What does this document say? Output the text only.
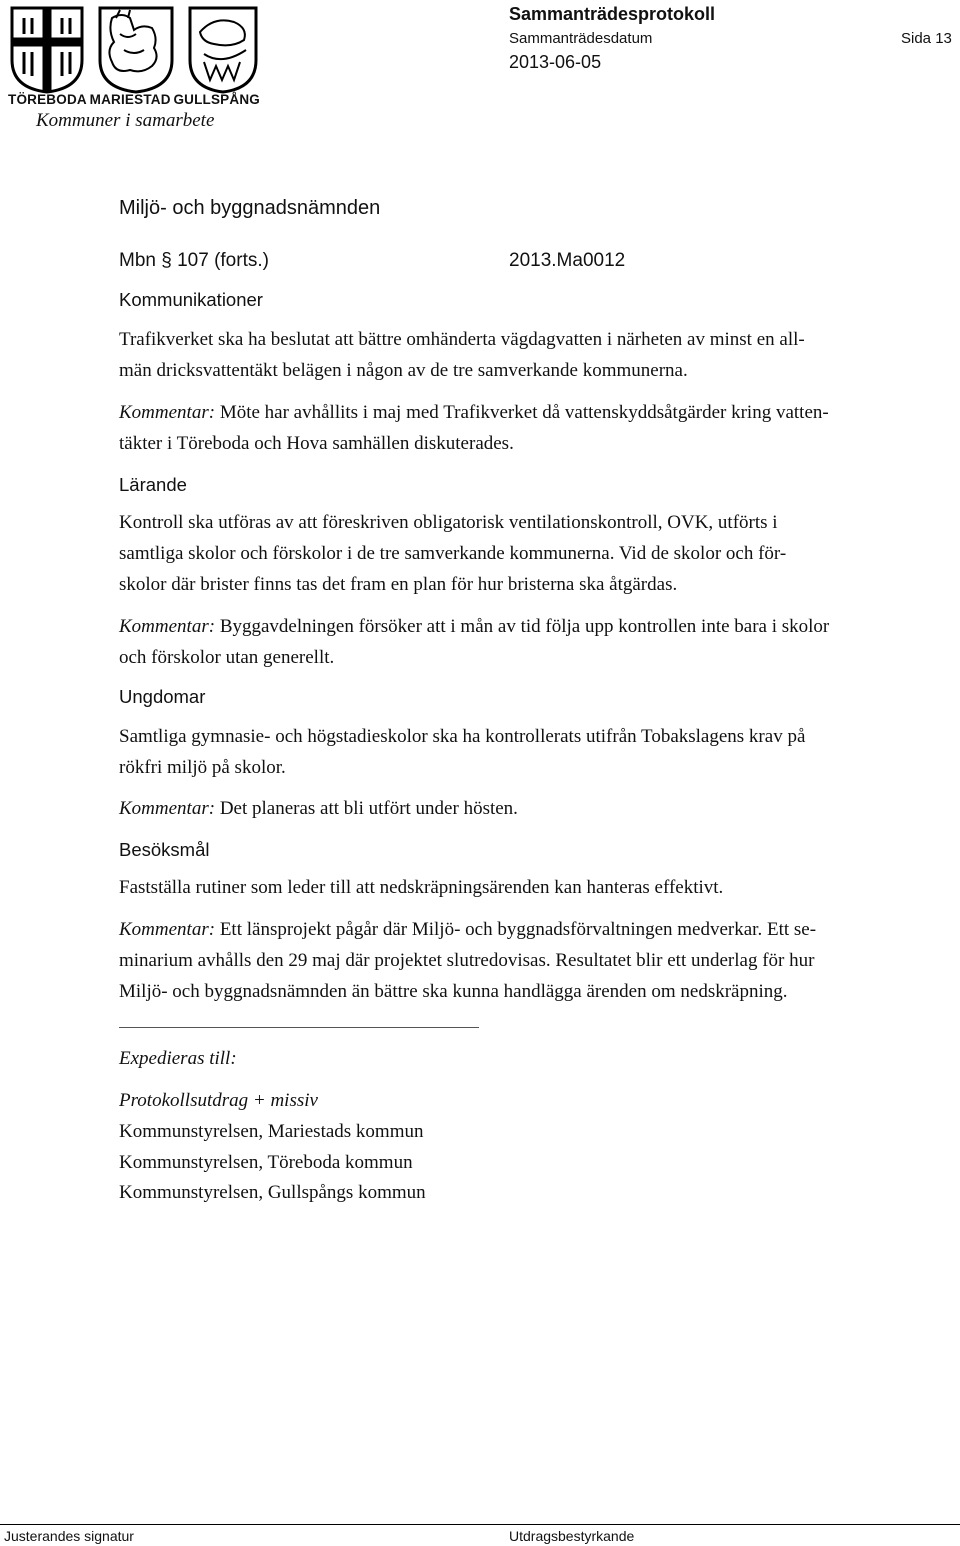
TÖREBODA MARIESTAD GULLSPÅNG
Kommuner i samarbete
Sammanträdesprotokoll
Sammanträdesdatum	Sida 13
2013-06-05
Miljö- och byggnadsnämnden
Mbn § 107 (forts.)	2013.Ma0012
Kommunikationer
Trafikverket ska ha beslutat att bättre omhänderta vägdagvatten i närheten av minst en all-
män dricksvattentäkt belägen i någon av de tre samverkande kommunerna.
Kommentar: Möte har avhållits i maj med Trafikverket då vattenskyddsåtgärder kring vatten-
täkter i Töreboda och Hova samhällen diskuterades.
Lärande
Kontroll ska utföras av att föreskriven obligatorisk ventilationskontroll, OVK, utförts i
samtliga skolor och förskolor i de tre samverkande kommunerna. Vid de skolor och för-
skolor där brister finns tas det fram en plan för hur bristerna ska åtgärdas.
Kommentar: Byggavdelningen försöker att i mån av tid följa upp kontrollen inte bara i skolor
och förskolor utan generellt.
Ungdomar
Samtliga gymnasie- och högstadieskolor ska ha kontrollerats utifrån Tobakslagens krav på
rökfri miljö på skolor.
Kommentar: Det planeras att bli utfört under hösten.
Besöksmål
Fastställa rutiner som leder till att nedskräpningsärenden kan hanteras effektivt.
Kommentar: Ett länsprojekt pågår där Miljö- och byggnadsförvaltningen medverkar. Ett se-
minarium avhålls den 29 maj där projektet slutredovisas. Resultatet blir ett underlag för hur
Miljö- och byggnadsnämnden än bättre ska kunna handlägga ärenden om nedskräpning.
Expedieras till:
Protokollsutdrag + missiv
Kommunstyrelsen, Mariestads kommun
Kommunstyrelsen, Töreboda kommun
Kommunstyrelsen, Gullspångs kommun
Justerandes signatur	Utdragsbestyrkande
